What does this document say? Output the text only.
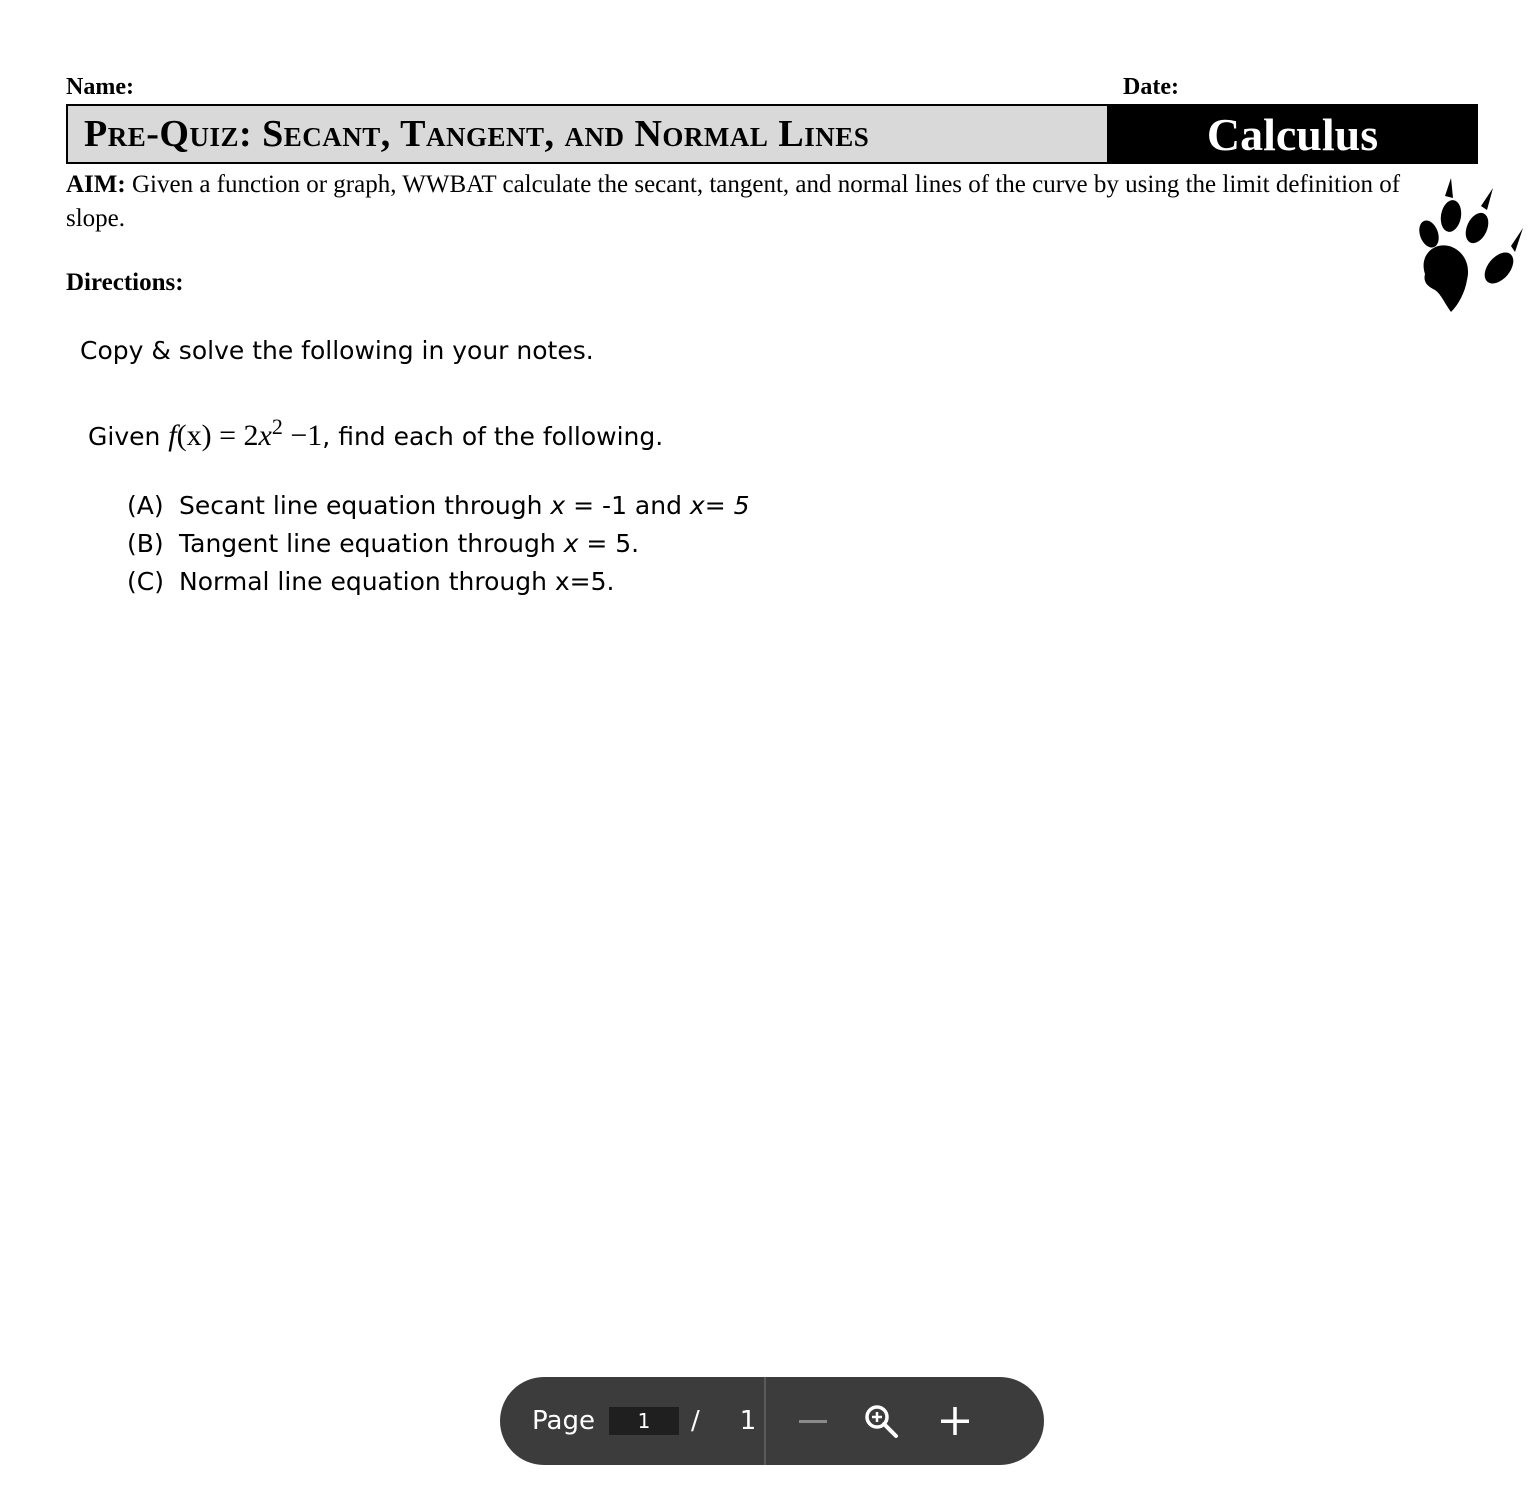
Name:	Date:
Pre-Quiz: Secant, Tangent, and Normal Lines	Calculus
AIM: Given a function or graph, WWBAT calculate the secant, tangent, and normal lines of the curve by using the limit definition of slope.
Directions:
Copy & solve the following in your notes.
Given $f(x) = 2x^2 -1$, find each of the following.
(A) Secant line equation through x = -1 and x= 5
(B) Tangent line equation through x = 5.
(C) Normal line equation through x=5.
Page
1	/ 1
